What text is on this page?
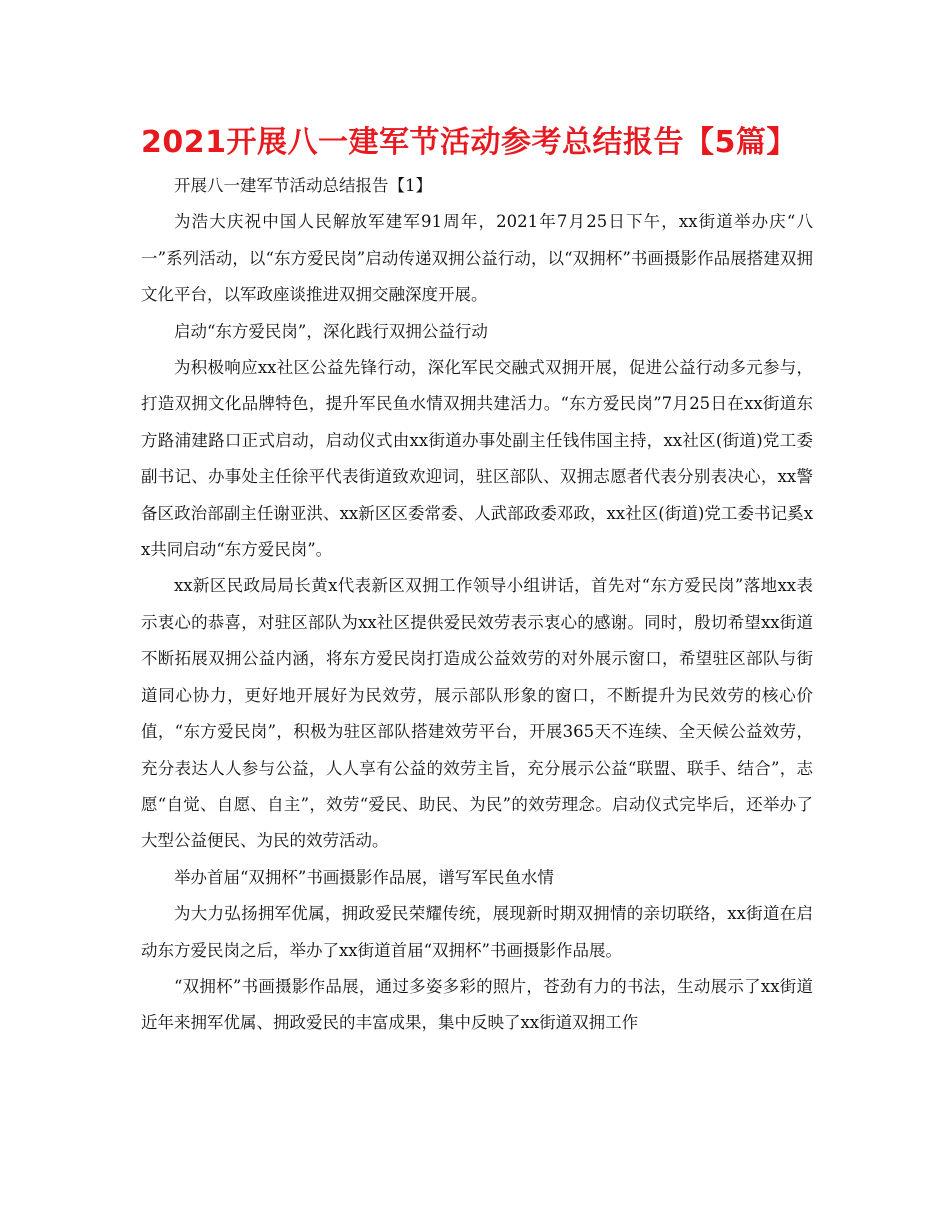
2021开展八一建军节活动参考总结报告【5篇】

开展八一建军节活动总结报告【1】

为浩大庆祝中国人民解放军建军91周年，2021年7月25日下午，xx街道举办庆“八一”系列活动，以“东方爱民岗”启动传递双拥公益行动，以“双拥杯”书画摄影作品展搭建双拥文化平台，以军政座谈推进双拥交融深度开展。

启动“东方爱民岗”，深化践行双拥公益行动

为积极响应xx社区公益先锋行动，深化军民交融式双拥开展，促进公益行动多元参与，打造双拥文化品牌特色，提升军民鱼水情双拥共建活力。“东方爱民岗”7月25日在xx街道东方路浦建路口正式启动，启动仪式由xx街道办事处副主任钱伟国主持，xx社区(街道)党工委副书记、办事处主任徐平代表街道致欢迎词，驻区部队、双拥志愿者代表分别表决心，xx警备区政治部副主任谢亚洪、xx新区区委常委、人武部政委邓政，xx社区(街道)党工委书记奚xx共同启动“东方爱民岗”。

xx新区民政局局长黄x代表新区双拥工作领导小组讲话，首先对“东方爱民岗”落地xx表示衷心的恭喜，对驻区部队为xx社区提供爱民效劳表示衷心的感谢。同时，殷切希望xx街道不断拓展双拥公益内涵，将东方爱民岗打造成公益效劳的对外展示窗口，希望驻区部队与街道同心协力，更好地开展好为民效劳，展示部队形象的窗口，不断提升为民效劳的核心价值，“东方爱民岗”，积极为驻区部队搭建效劳平台，开展365天不连续、全天候公益效劳，充分表达人人参与公益，人人享有公益的效劳主旨，充分展示公益“联盟、联手、结合”，志愿“自觉、自愿、自主”，效劳“爱民、助民、为民”的效劳理念。启动仪式完毕后，还举办了大型公益便民、为民的效劳活动。

举办首届“双拥杯”书画摄影作品展，谱写军民鱼水情

为大力弘扬拥军优属，拥政爱民荣耀传统，展现新时期双拥情的亲切联络，xx街道在启动东方爱民岗之后，举办了xx街道首届“双拥杯”书画摄影作品展。

“双拥杯”书画摄影作品展，通过多姿多彩的照片，苍劲有力的书法，生动展示了xx街道近年来拥军优属、拥政爱民的丰富成果，集中反映了xx街道双拥工作
